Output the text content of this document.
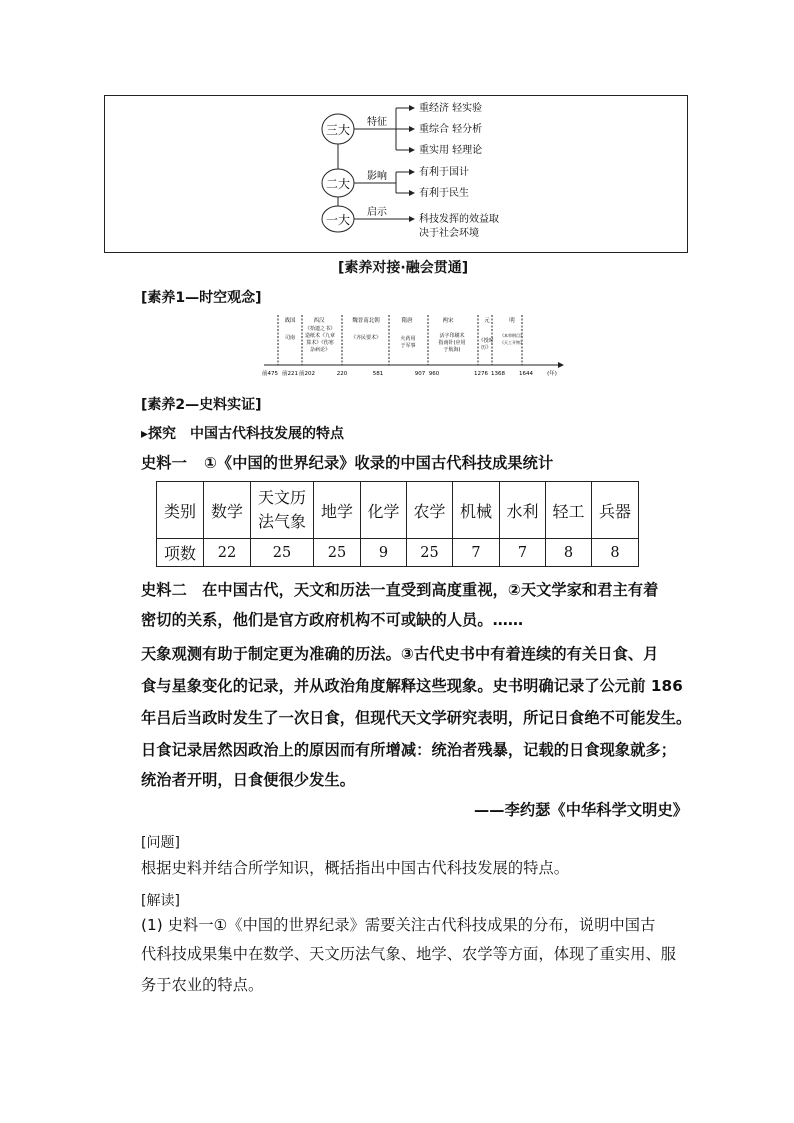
三大
二大
一大
特征
重经济 轻实验
重综合 轻分析
重实用 轻理论
影响	有利于国计
有利于民生
启示
科技发挥的效益取
决于社会环境
[素养对接·融会贯通]
[素养1—时空观念]
战国	西汉	魏晋南北朝	隋唐	两宋	元	明
司南
《拾遗之书》
造纸术《九章
算术》《伤寒
杂病论》
《齐民要术》	火药用
于军事
活字印刷术
指南针(应用
于航海)
《授时
历》
《本草纲目》
《天工开物》
前475 前221 前202	220	581	907 960	1276 1368	1644	(年)
[素养2—史料实证]
▸探究　中国古代科技发展的特点
史料一 ①《中国的世界纪录》收录的中国古代科技成果统计
类别	数学	天文历法气象	地学	化学	农学	机械	水利	轻工	兵器
项数	22	25	25	9	25	7	7	8	8
史料二　在中国古代，天文和历法一直受到高度重视，②天文学家和君主有着
密切的关系，他们是官方政府机构不可或缺的人员。……
天象观测有助于制定更为准确的历法。③古代史书中有着连续的有关日食、月
食与星象变化的记录，并从政治角度解释这些现象。史书明确记录了公元前 186
年吕后当政时发生了一次日食，但现代天文学研究表明，所记日食绝不可能发生。
日食记录居然因政治上的原因而有所增减：统治者残暴，记载的日食现象就多；
统治者开明，日食便很少发生。
——李约瑟《中华科学文明史》
[问题]
根据史料并结合所学知识，概括指出中国古代科技发展的特点。
[解读]
(1) 史料一①《中国的世界纪录》需要关注古代科技成果的分布，说明中国古
代科技成果集中在数学、天文历法气象、地学、农学等方面，体现了重实用、服
务于农业的特点。
